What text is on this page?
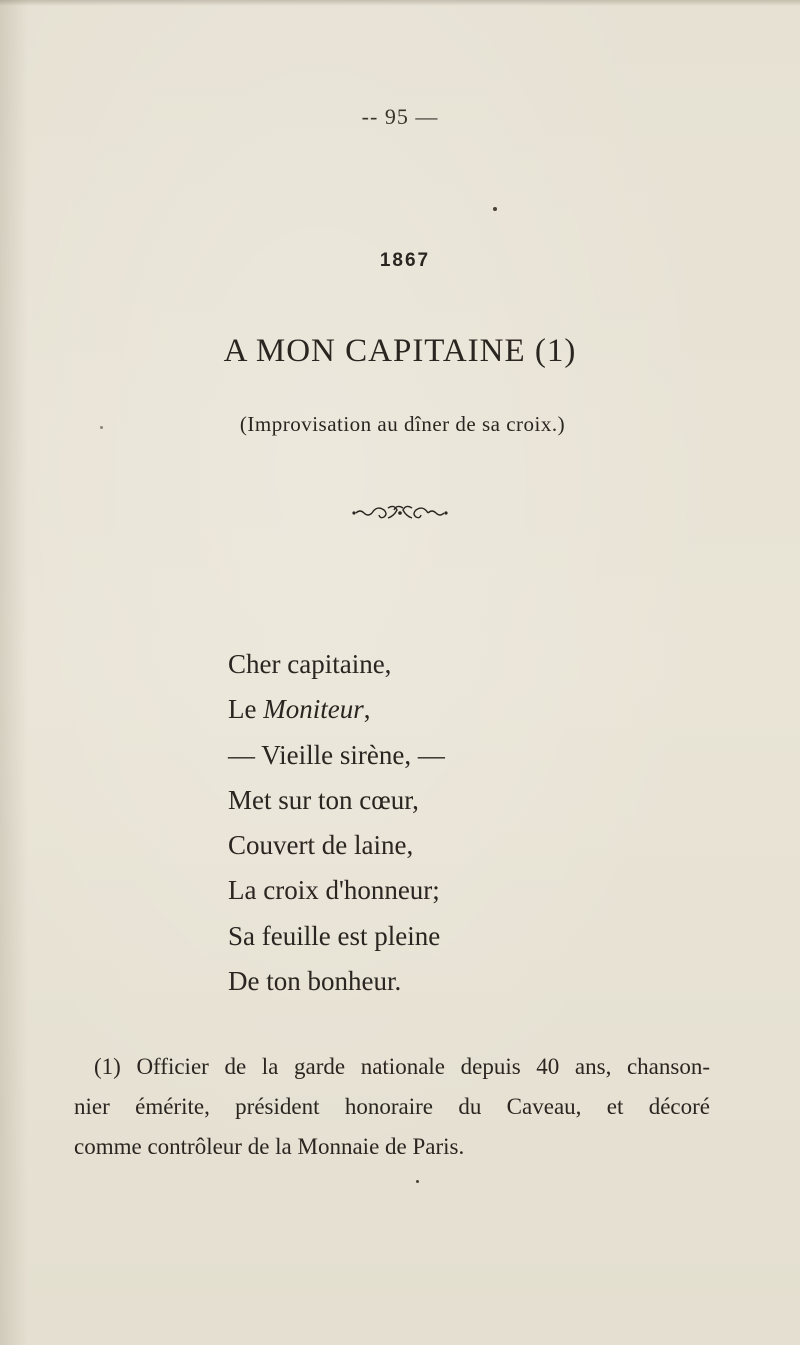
-- 95 —
1867
A MON CAPITAINE (1)
(Improvisation au dîner de sa croix.)
Cher capitaine,
Le Moniteur,
— Vieille sirène, —
Met sur ton cœur,
Couvert de laine,
La croix d'honneur;
Sa feuille est pleine
De ton bonheur.
(1) Officier de la garde nationale depuis 40 ans, chanson-
nier émérite, président honoraire du Caveau, et décoré
comme contrôleur de la Monnaie de Paris.
